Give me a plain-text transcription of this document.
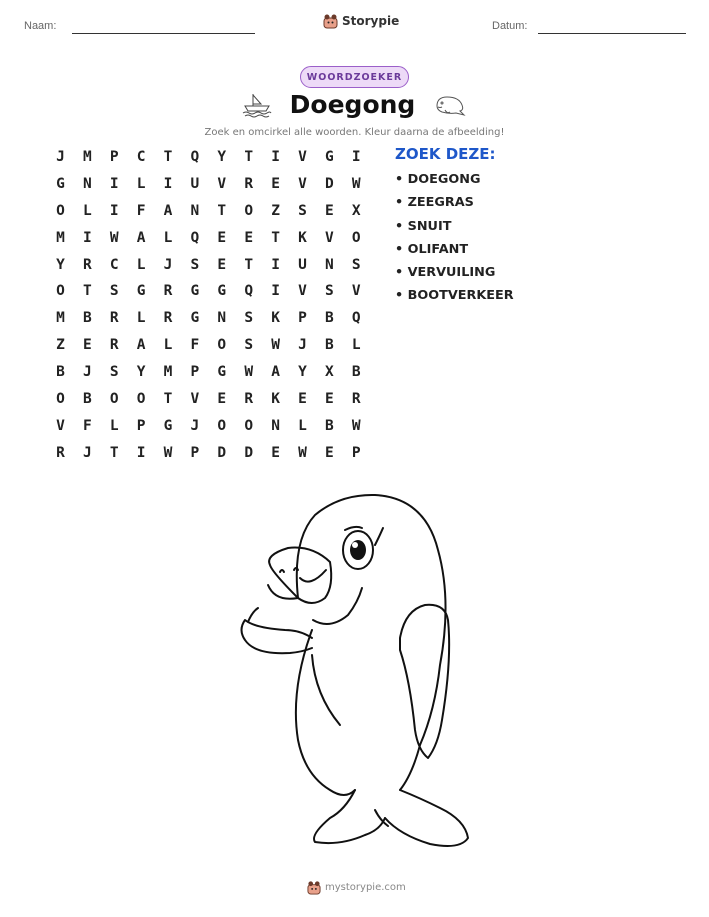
Naam:	Storypie	Datum:
WOORDZOEKER
Doegong
Zoek en omcirkel alle woorden. Kleur daarna de afbeelding!
J	M	P	C	T	Q	Y	T	I	V	G	I
G	N	I	L	I	U	V	R	E	V	D	W
O	L	I	F	A	N	T	O	Z	S	E	X
M	I	W	A	L	Q	E	E	T	K	V	O
Y	R	C	L	J	S	E	T	I	U	N	S
O	T	S	G	R	G	G	Q	I	V	S	V
M	B	R	L	R	G	N	S	K	P	B	Q
Z	E	R	A	L	F	O	S	W	J	B	L
B	J	S	Y	M	P	G	W	A	Y	X	B
O	B	O	O	T	V	E	R	K	E	E	R
V	F	L	P	G	J	O	O	N	L	B	W
R	J	T	I	W	P	D	D	E	W	E	P
ZOEK DEZE:
• DOEGONG
• ZEEGRAS
• SNUIT
• OLIFANT
• VERVUILING
• BOOTVERKEER
mystorypie.com
